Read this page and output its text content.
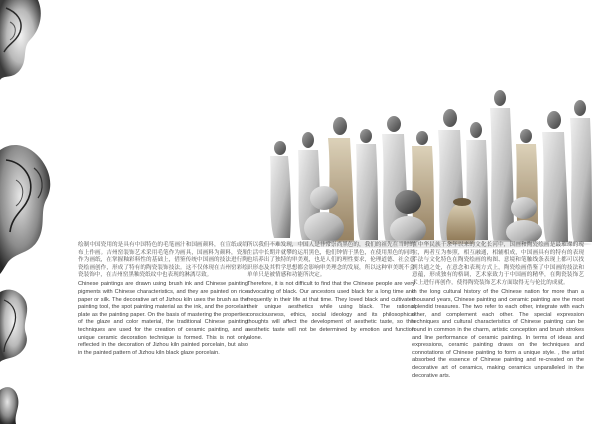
绘制中国瓷用的是具有中国特色的毛笔画汁和国画颜料，在宣纸或绢布上作画。吉州窑装饰艺术采用毛笔作为画具，国画料为颜料，瓷胎作为画纸，在掌握釉彩料性的基础上，借鉴传统中国画的技法进行陶瓷绘画创作，形成了特有的陶瓷装饰技法。这不仅体现在吉州窑彩绘瓷装饰中，在吉州窑黑釉瓷纸纹中也表现的淋漓尽致。

Chinese paintings are drawn using brush ink and Chinese painting pigments with Chinese characteristics, and they are painted on rice paper or silk. The decorative art of Jizhou kiln uses the brush as the painting tool, the spot painting material as the ink, and the porcelain plate as the painting paper. On the basis of mastering the properties of the glaze and color material, the traditional Chinese painting techniques are used for the creation of ceramic painting, and a unique ceramic decoration technique is formed. This is not only reflected in the decoration of Jizhou kiln painted porcelain, but also in the painted pattern of Jizhou kiln black glaze porcelain.

所以我们不难发现，中国人是非常崇尚黑色的，我们的祖先在当时的生活中长期并就攀的运用黑色，他们钟情于黑色，在使用黑色的同时也培养出了独特的审美观，也是人们的理性要求，伦理道德、社会意识形态及其哲学思想都会影响审美理念的发展，所以这种审美既不会单单只是被情感和功能所决定。

Therefore, it is not difficult to find that the Chinese people are very advocating of black. Our ancestors used black for a long time and frequently in their life at that time. They loved black and cultivated their unique aesthetics while using black. The rational consciousness, ethics, social ideology and its philosophical thoughts will affect the development of aesthetic taste, so this aesthetic taste will not be determined by emotion and function alone.

在中华民族千余年以来的文化长河中，国画和陶瓷绘画是最璀璨的瑰宝，两者互为参照，相互融通，相辅相成，中国画具有的特有的表现手法与文化特色在陶瓷绘画的构图、意境和笔触线条表现上都可以找到共通之处，在意念和表现方式上，陶瓷绘画借鉴了中国画的技法和意蕴，形成独有的格调，艺术家致力于中国画的精华，在陶瓷装饰艺术上进行再创作，使得陶瓷装饰艺术方面取得无与伦比的成就。

In the long cultural history of the Chinese nation for more than a thousand years, Chinese painting and ceramic painting are the most splendid treasures. The two refer to each other, integrate with each other, and complement each other. The special expression techniques and cultural characteristics of Chinese painting can be found in common in the charm, artistic conception and brush strokes and line performance of ceramic painting. In terms of ideas and expressions, ceramic painting draws on the techniques and connotations of Chinese painting to form a unique style. , the artist absorbed the essence of Chinese painting and re-created on the decorative art of ceramics, making ceramics unparalleled in the decorative arts.
